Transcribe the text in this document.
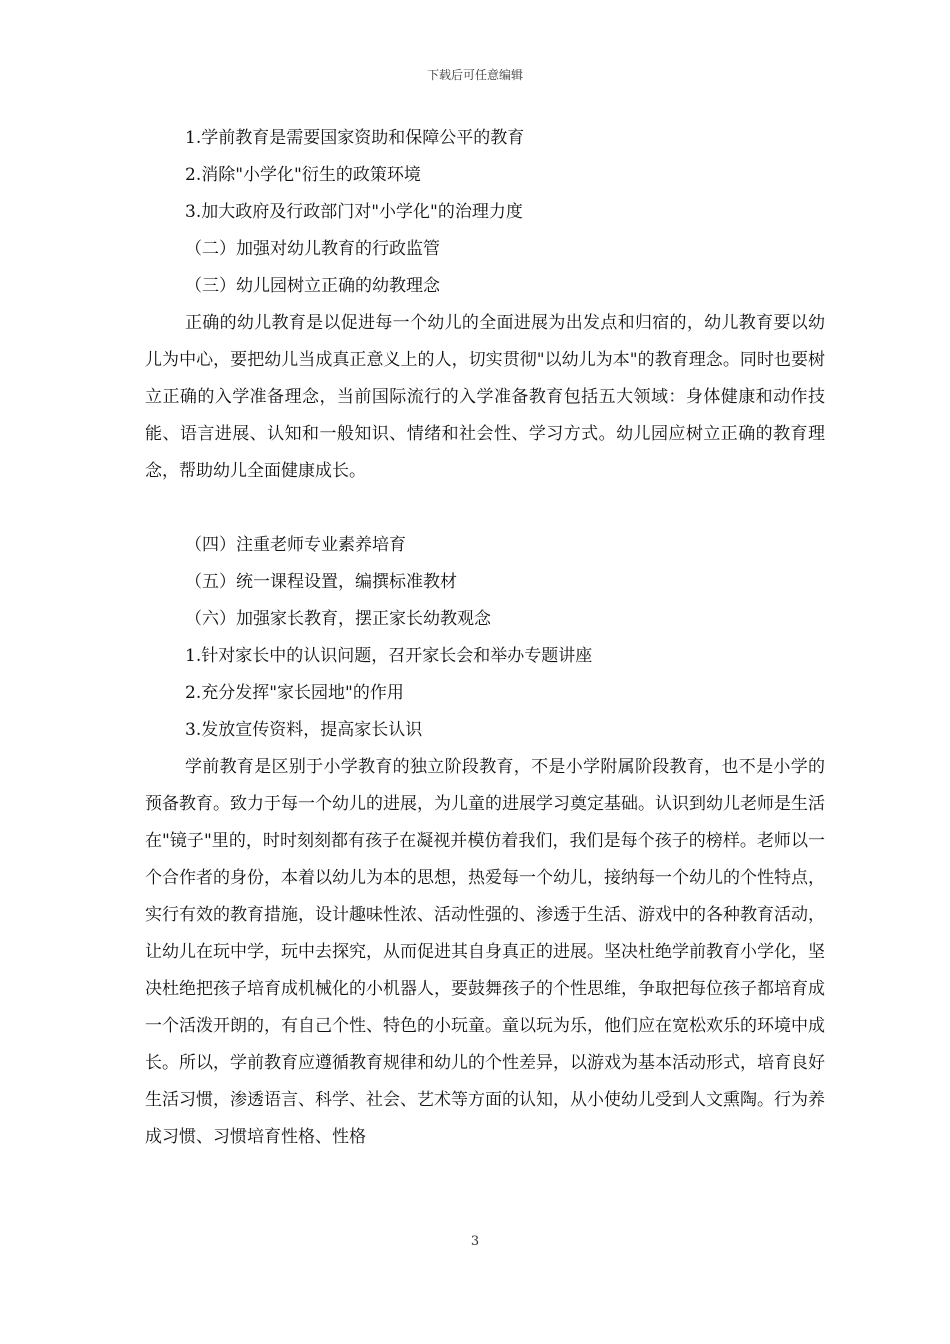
下载后可任意编辑
1.学前教育是需要国家资助和保障公平的教育
2.消除"小学化"衍生的政策环境
3.加大政府及行政部门对"小学化"的治理力度
（二）加强对幼儿教育的行政监管
（三）幼儿园树立正确的幼教理念

正确的幼儿教育是以促进每一个幼儿的全面进展为出发点和归宿的，幼儿教育要以幼儿为中心，要把幼儿当成真正意义上的人，切实贯彻"以幼儿为本"的教育理念。同时也要树立正确的入学准备理念，当前国际流行的入学准备教育包括五大领域：身体健康和动作技能、语言进展、认知和一般知识、情绪和社会性、学习方式。幼儿园应树立正确的教育理念，帮助幼儿全面健康成长。

（四）注重老师专业素养培育
（五）统一课程设置，编撰标准教材
（六）加强家长教育，摆正家长幼教观念
1.针对家长中的认识问题，召开家长会和举办专题讲座
2.充分发挥"家长园地"的作用
3.发放宣传资料，提高家长认识

学前教育是区别于小学教育的独立阶段教育，不是小学附属阶段教育，也不是小学的预备教育。致力于每一个幼儿的进展，为儿童的进展学习奠定基础。认识到幼儿老师是生活在"镜子"里的，时时刻刻都有孩子在凝视并模仿着我们，我们是每个孩子的榜样。老师以一个合作者的身份，本着以幼儿为本的思想，热爱每一个幼儿，接纳每一个幼儿的个性特点，实行有效的教育措施，设计趣味性浓、活动性强的、渗透于生活、游戏中的各种教育活动，让幼儿在玩中学，玩中去探究，从而促进其自身真正的进展。坚决杜绝学前教育小学化，坚决杜绝把孩子培育成机械化的小机器人，要鼓舞孩子的个性思维，争取把每位孩子都培育成一个活泼开朗的，有自己个性、特色的小玩童。童以玩为乐，他们应在宽松欢乐的环境中成长。所以，学前教育应遵循教育规律和幼儿的个性差异，以游戏为基本活动形式，培育良好生活习惯，渗透语言、科学、社会、艺术等方面的认知，从小使幼儿受到人文熏陶。行为养成习惯、习惯培育性格、性格

3
